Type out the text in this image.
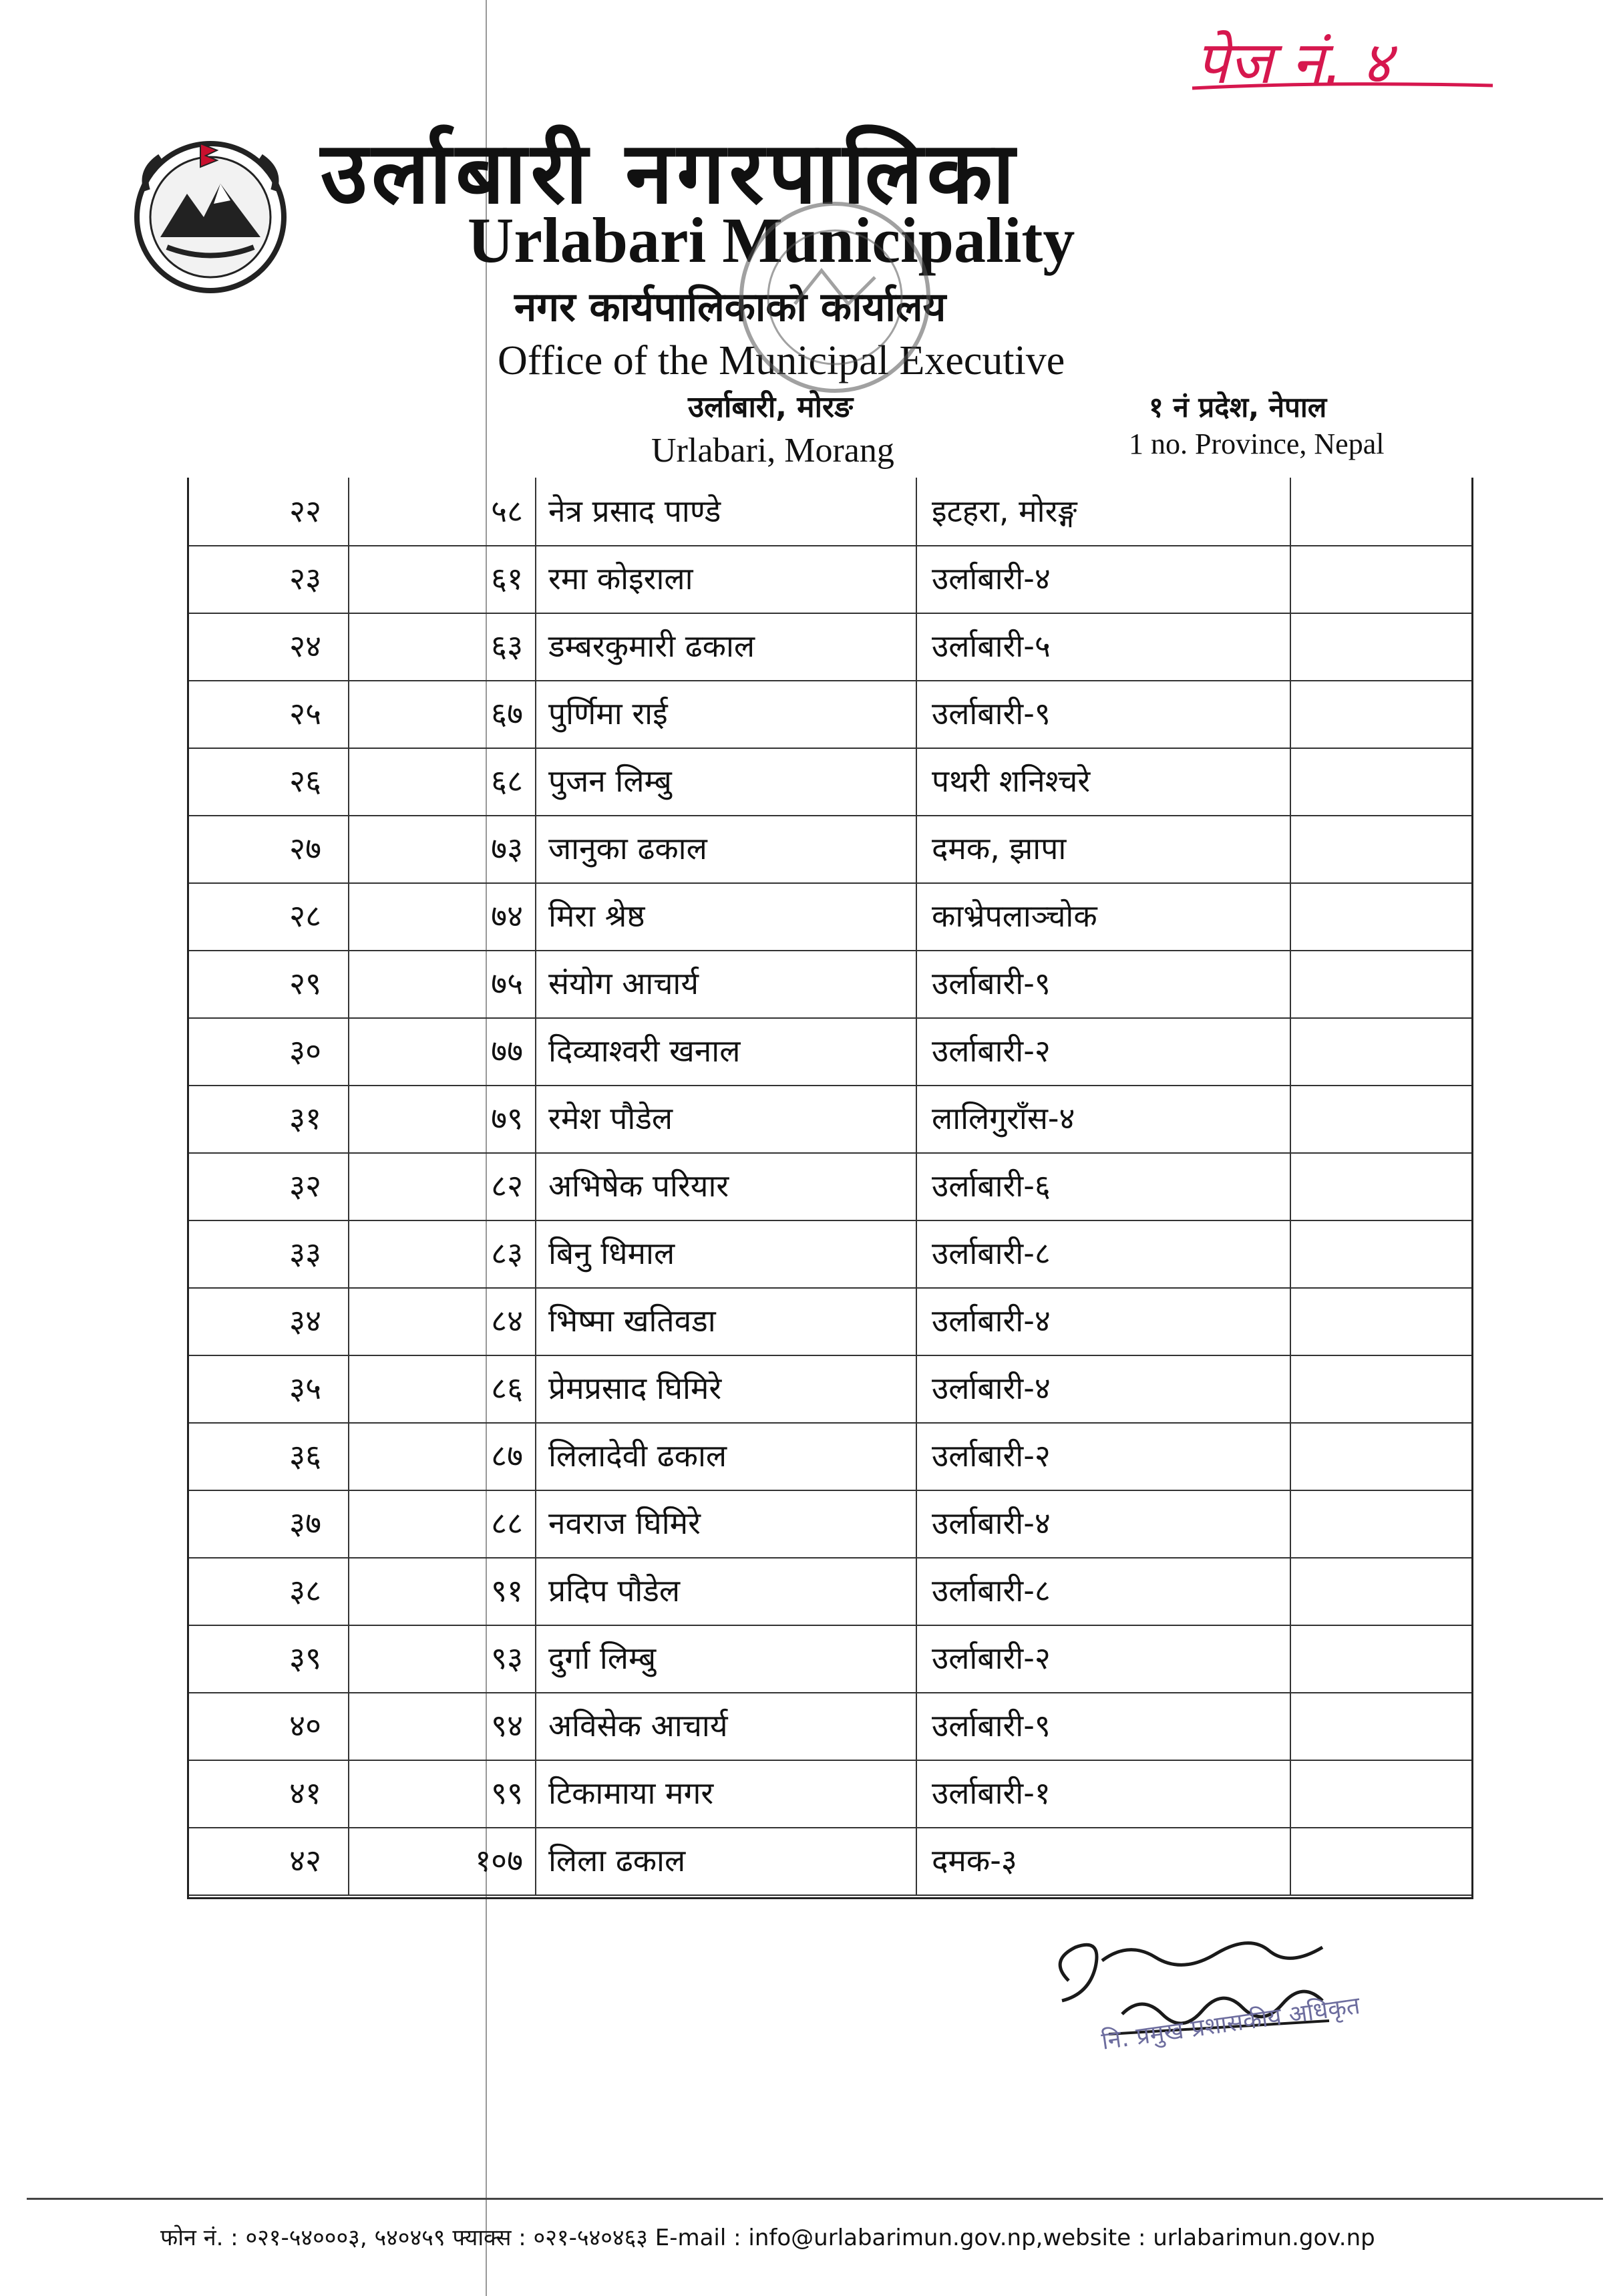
पेज नं. ४
उर्लाबारी नगरपालिका
Urlabari Municipality
नगर कार्यपालिकाको कार्यालय
Office of the Municipal Executive
उर्लाबारी, मोरङ
Urlabari, Morang
१ नं प्रदेश, नेपाल
1 no. Province, Nepal
२२	५८ नेत्र प्रसाद पाण्डे	इटहरा, मोरङ्ग
२३	६१ रमा कोइराला	उर्लाबारी-४
२४	६३ डम्बरकुमारी ढकाल	उर्लाबारी-५
२५	६७ पुर्णिमा राई	उर्लाबारी-९
२६	६८ पुजन लिम्बु	पथरी शनिश्चरे
२७	७३ जानुका ढकाल	दमक, झापा
२८	७४ मिरा श्रेष्ठ	काभ्रेपलाञ्चोक
२९	७५ संयोग आचार्य	उर्लाबारी-९
३०	७७ दिव्याश्वरी खनाल	उर्लाबारी-२
३१	७९ रमेश पौडेल	लालिगुराँस-४
३२	८२ अभिषेक परियार	उर्लाबारी-६
३३	८३ बिनु धिमाल	उर्लाबारी-८
३४	८४ भिष्मा खतिवडा	उर्लाबारी-४
३५	८६ प्रेमप्रसाद घिमिरे	उर्लाबारी-४
३६	८७ लिलादेवी ढकाल	उर्लाबारी-२
३७	८८ नवराज घिमिरे	उर्लाबारी-४
३८	९१ प्रदिप पौडेल	उर्लाबारी-८
३९	९३ दुर्गा लिम्बु	उर्लाबारी-२
४०	९४ अविसेक आचार्य	उर्लाबारी-९
४१	९९ टिकामाया मगर	उर्लाबारी-१
४२	१०७ लिला ढकाल	दमक-३
नि. प्रमुख प्रशासकीय अधिकृत
फोन नं. : ०२१-५४०००३, ५४०४५९ फ्याक्स : ०२१-५४०४६३ E-mail : info@urlabarimun.gov.np,website : urlabarimun.gov.np
